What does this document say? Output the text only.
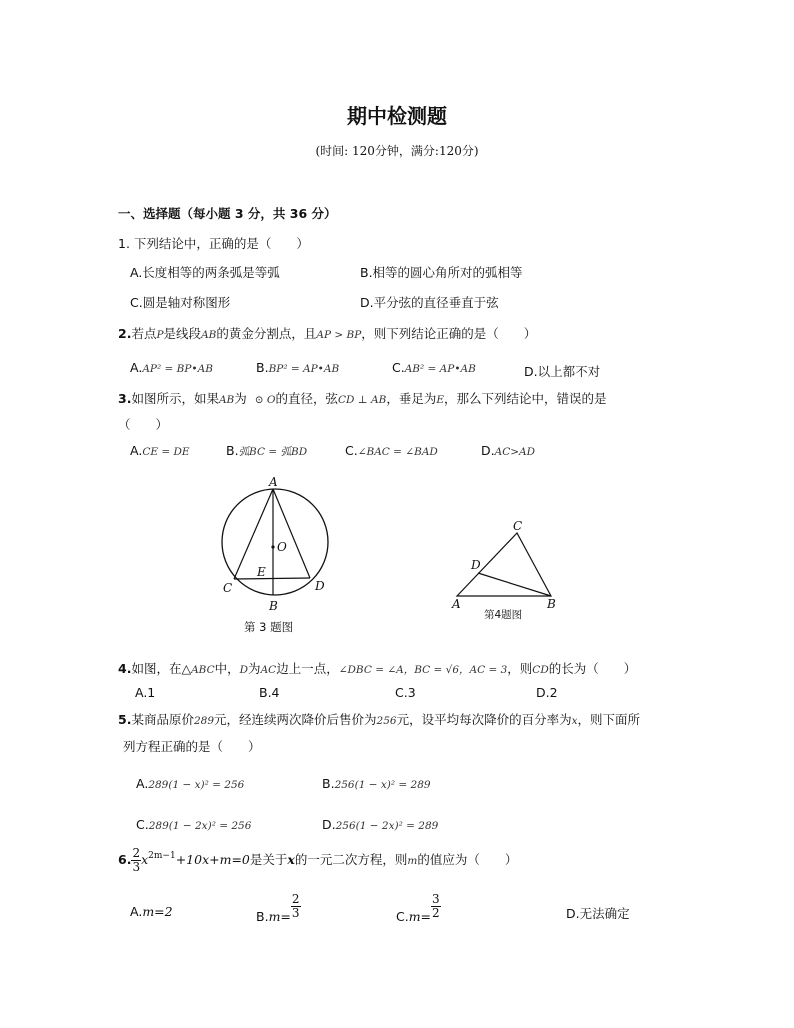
期中检测题
(时间: 120分钟，满分:120分)
一、选择题（每小题 3 分，共 36 分）
1. 下列结论中，正确的是（　　）
A.长度相等的两条弧是等弧	B.相等的圆心角所对的弧相等
C.圆是轴对称图形	D.平分弦的直径垂直于弦
2.若点P是线段AB的黄金分割点，且AP > BP，则下列结论正确的是（　　）
A.AP² = BP•AB	B.BP² = AP•AB	C.AB² = AP•AB	D.以上都不对
3.如图所示，如果AB为 ⊙ O的直径，弦CD ⊥ AB，垂足为E，那么下列结论中，错误的是
（　　）
A.CE = DE	B.弧BC = 弧BD	C.∠BAC = ∠BAD	D.AC>AD
A
O
E
C	D
B
第 3 题图
C
D
A	B
第4题图
4.如图，在△ABC中，D为AC边上一点，∠DBC = ∠A，BC = √6，AC = 3，则CD的长为（　　）
A.1	B.4	C.3	D.2
5.某商品原价289元，经连续两次降价后售价为256元，设平均每次降价的百分率为x，则下面所
列方程正确的是（　　）
A.289(1 − x)² = 256	B.256(1 − x)² = 289
C.289(1 − 2x)² = 256	D.256(1 − 2x)² = 289
6. $\frac{2}{3} x^{2m-1}+10x+m=0$是关于x的一元二次方程，则m的值应为（　　）
A.m=2	$B.m= \frac{2}{3}$	$C.m= \frac{3}{2}$	D.无法确定
